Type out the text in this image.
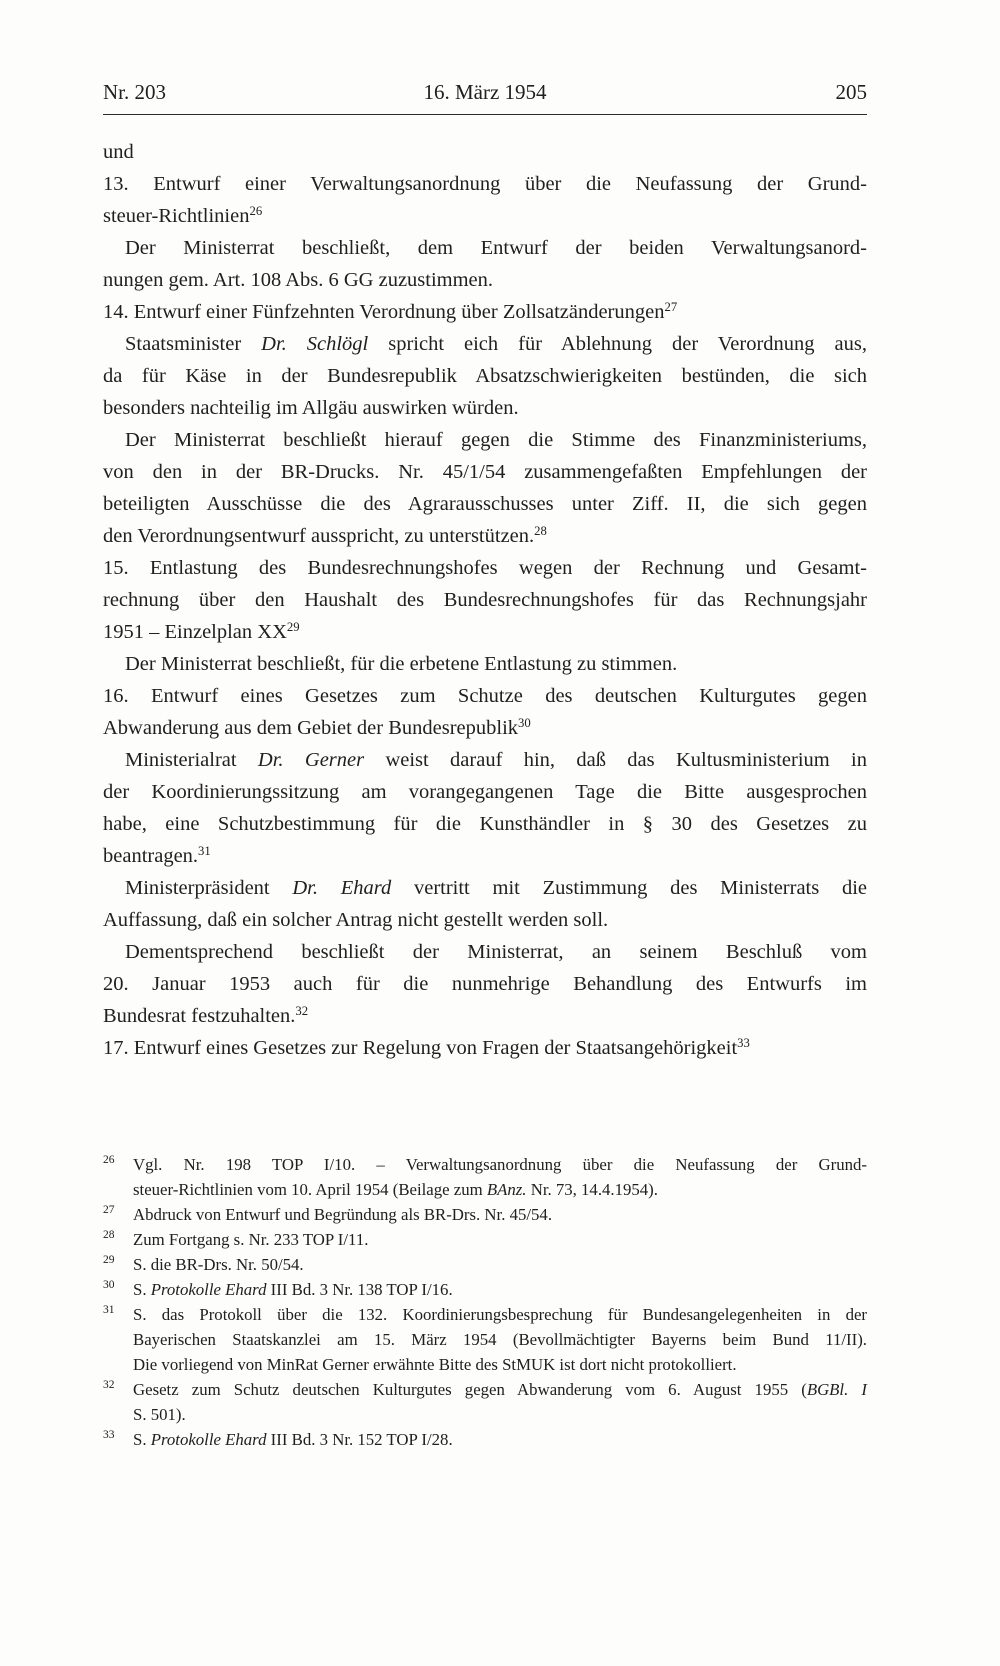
Nr. 203	16. März 1954	205
und
13. Entwurf einer Verwaltungsanordnung über die Neufassung der Grund-
steuer-Richtlinien$^{26}$
Der Ministerrat beschließt, dem Entwurf der beiden Verwaltungsanord-
nungen gem. Art. 108 Abs. 6 GG zuzustimmen.
14. Entwurf einer Fünfzehnten Verordnung über Zollsatzänderungen$^{27}$
Staatsminister Dr. Schlögl spricht eich für Ablehnung der Verordnung aus,
da für Käse in der Bundesrepublik Absatzschwierigkeiten bestünden, die sich
besonders nachteilig im Allgäu auswirken würden.
Der Ministerrat beschließt hierauf gegen die Stimme des Finanzministeriums,
von den in der BR-Drucks. Nr. 45/1/54 zusammengefaßten Empfehlungen der
beteiligten Ausschüsse die des Agrarausschusses unter Ziff. II, die sich gegen
den Verordnungsentwurf ausspricht, zu unterstützen.$^{28}$
15. Entlastung des Bundesrechnungshofes wegen der Rechnung und Gesamt-
rechnung über den Haushalt des Bundesrechnungshofes für das Rechnungsjahr
1951 – Einzelplan XX$^{29}$
Der Ministerrat beschließt, für die erbetene Entlastung zu stimmen.
16. Entwurf eines Gesetzes zum Schutze des deutschen Kulturgutes gegen
Abwanderung aus dem Gebiet der Bundesrepublik$^{30}$
Ministerialrat Dr. Gerner weist darauf hin, daß das Kultusministerium in
der Koordinierungssitzung am vorangegangenen Tage die Bitte ausgesprochen
habe, eine Schutzbestimmung für die Kunsthändler in § 30 des Gesetzes zu
beantragen.$^{31}$
Ministerpräsident Dr. Ehard vertritt mit Zustimmung des Ministerrats die
Auffassung, daß ein solcher Antrag nicht gestellt werden soll.
Dementsprechend beschließt der Ministerrat, an seinem Beschluß vom
20. Januar 1953 auch für die nunmehrige Behandlung des Entwurfs im
Bundesrat festzuhalten.$^{32}$
17. Entwurf eines Gesetzes zur Regelung von Fragen der Staatsangehörigkeit$^{33}$
26	Vgl. Nr. 198 TOP I/10. – Verwaltungsanordnung über die Neufassung der Grund-
steuer-Richtlinien vom 10. April 1954 (Beilage zum BAnz. Nr. 73, 14.4.1954).
27	Abdruck von Entwurf und Begründung als BR-Drs. Nr. 45/54.
28	Zum Fortgang s. Nr. 233 TOP I/11.
29	S. die BR-Drs. Nr. 50/54.
30	S. Protokolle Ehard III Bd. 3 Nr. 138 TOP I/16.
31	S. das Protokoll über die 132. Koordinierungsbesprechung für Bundesangelegenheiten in der
Bayerischen Staatskanzlei am 15. März 1954 (Bevollmächtigter Bayerns beim Bund 11/II).
Die vorliegend von MinRat Gerner erwähnte Bitte des StMUK ist dort nicht protokolliert.
32	Gesetz zum Schutz deutschen Kulturgutes gegen Abwanderung vom 6. August 1955 (BGBl. I
S. 501).
33	S. Protokolle Ehard III Bd. 3 Nr. 152 TOP I/28.
